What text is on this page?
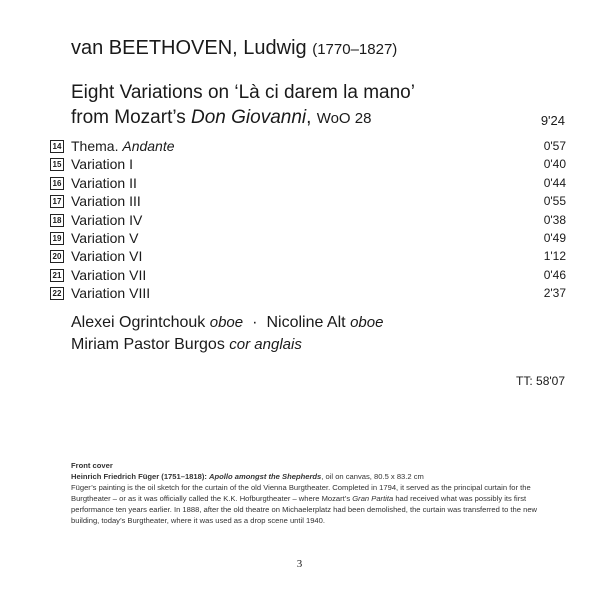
van BEETHOVEN, Ludwig (1770–1827)
Eight Variations on ‘Là ci darem la mano’
from Mozart’s Don Giovanni, WoO 28	9'24
14 Thema. Andante	0'57
15 Variation I	0'40
16 Variation II	0'44
17 Variation III	0'55
18 Variation IV	0'38
19 Variation V	0'49
20 Variation VI	1'12
21 Variation VII	0'46
22 Variation VIII	2'37
Alexei Ogrintchouk oboe · Nicoline Alt oboe
Miriam Pastor Burgos cor anglais
TT: 58'07
Front cover
Heinrich Friedrich Füger (1751–1818): Apollo amongst the Shepherds, oil on canvas, 80.5 x 83.2 cm
Füger’s painting is the oil sketch for the curtain of the old Vienna Burgtheater. Completed in 1794, it served as the principal curtain for the Burgtheater – or as it was officially called the K.K. Hofburgtheater – where Mozart’s Gran Partita had received what was possibly its first performance ten years earlier. In 1888, after the old theatre on Michaelerplatz had been demolished, the curtain was transferred to the new building, today’s Burgtheater, where it was used as a drop scene until 1940.
3
